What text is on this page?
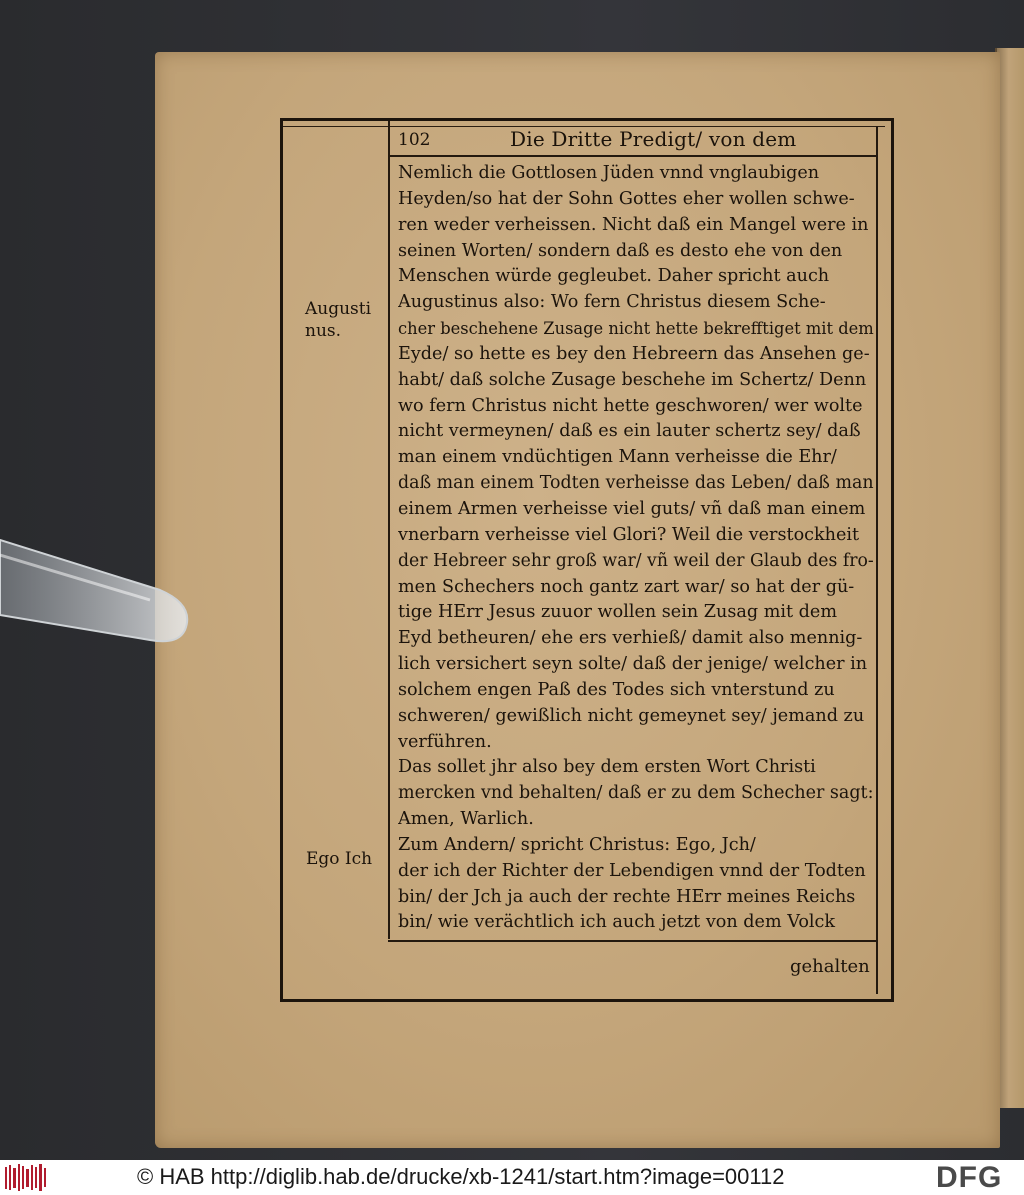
102	Die Dritte Predigt/ von dem
Augusti nus.
Ego Ich
Nemlich die Gottlosen Jüden vnnd vnglaubigen
Heyden/so hat der Sohn Gottes eher wollen schwe-
ren weder verheissen. Nicht daß ein Mangel were in
seinen Worten/ sondern daß es desto ehe von den
Menschen würde gegleubet. Daher spricht auch
Augustinus also: Wo fern Christus diesem Sche-
cher beschehene Zusage nicht hette bekrefftiget mit dem
Eyde/ so hette es bey den Hebreern das Ansehen ge-
habt/ daß solche Zusage beschehe im Schertz/ Denn
wo fern Christus nicht hette geschworen/ wer wolte
nicht vermeynen/ daß es ein lauter schertz sey/ daß
man einem vndüchtigen Mann verheisse die Ehr/
daß man einem Todten verheisse das Leben/ daß man
einem Armen verheisse viel guts/ vñ daß man einem
vnerbarn verheisse viel Glori? Weil die verstockheit
der Hebreer sehr groß war/ vñ weil der Glaub des fro-
men Schechers noch gantz zart war/ so hat der gü-
tige HErr Jesus zuuor wollen sein Zusag mit dem
Eyd betheuren/ ehe ers verhieß/ damit also mennig-
lich versichert seyn solte/ daß der jenige/ welcher in
solchem engen Paß des Todes sich vnterstund zu
schweren/ gewißlich nicht gemeynet sey/ jemand zu
verführen.
Das sollet jhr also bey dem ersten Wort Christi
mercken vnd behalten/ daß er zu dem Schecher sagt:
Amen, Warlich.
Zum Andern/ spricht Christus: Ego, Jch/
der ich der Richter der Lebendigen vnnd der Todten
bin/ der Jch ja auch der rechte HErr meines Reichs
bin/ wie verächtlich ich auch jetzt von dem Volck
gehalten
© HAB http://diglib.hab.de/drucke/xb-1241/start.htm?image=00112	DFG
